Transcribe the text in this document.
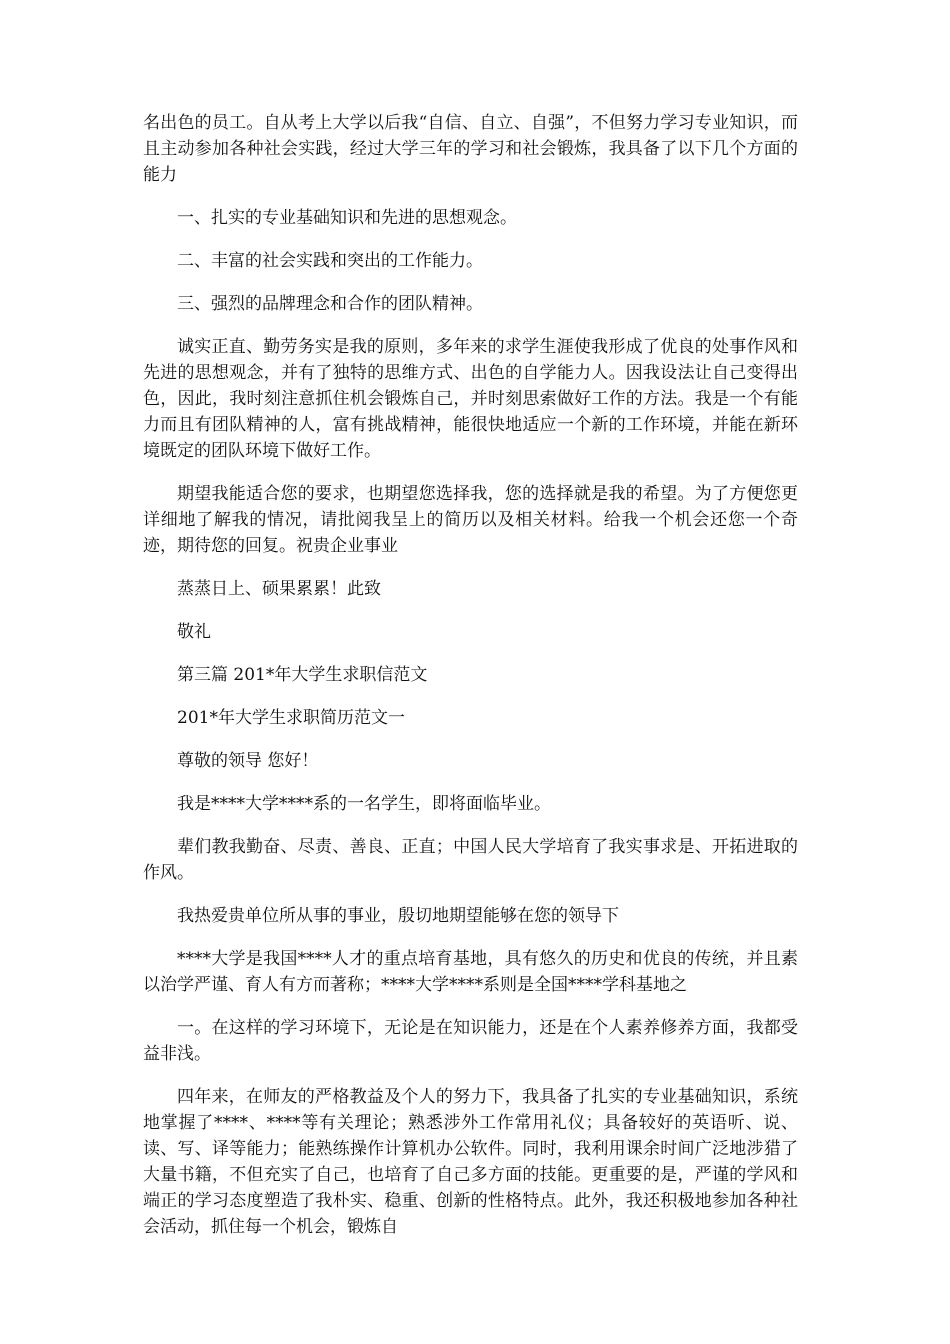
名出色的员工。自从考上大学以后我“自信、自立、自强”，不但努力学习专业知识，而且主动参加各种社会实践，经过大学三年的学习和社会锻炼，我具备了以下几个方面的能力

一、扎实的专业基础知识和先进的思想观念。

二、丰富的社会实践和突出的工作能力。

三、强烈的品牌理念和合作的团队精神。

诚实正直、勤劳务实是我的原则，多年来的求学生涯使我形成了优良的处事作风和先进的思想观念，并有了独特的思维方式、出色的自学能力人。因我设法让自己变得出色，因此，我时刻注意抓住机会锻炼自己，并时刻思索做好工作的方法。我是一个有能力而且有团队精神的人，富有挑战精神，能很快地适应一个新的工作环境，并能在新环境既定的团队环境下做好工作。

期望我能适合您的要求，也期望您选择我，您的选择就是我的希望。为了方便您更详细地了解我的情况，请批阅我呈上的简历以及相关材料。给我一个机会还您一个奇迹，期待您的回复。祝贵企业事业

蒸蒸日上、硕果累累！此致

敬礼

第三篇 201*年大学生求职信范文

201*年大学生求职简历范文一

尊敬的领导 您好！

我是****大学****系的一名学生，即将面临毕业。

辈们教我勤奋、尽责、善良、正直；中国人民大学培育了我实事求是、开拓进取的作风。

我热爱贵单位所从事的事业，殷切地期望能够在您的领导下

****大学是我国****人才的重点培育基地，具有悠久的历史和优良的传统，并且素以治学严谨、育人有方而著称；****大学****系则是全国****学科基地之

一。在这样的学习环境下，无论是在知识能力，还是在个人素养修养方面，我都受益非浅。

四年来，在师友的严格教益及个人的努力下，我具备了扎实的专业基础知识，系统地掌握了****、****等有关理论；熟悉涉外工作常用礼仪；具备较好的英语听、说、读、写、译等能力；能熟练操作计算机办公软件。同时，我利用课余时间广泛地涉猎了大量书籍，不但充实了自己，也培育了自己多方面的技能。更重要的是，严谨的学风和端正的学习态度塑造了我朴实、稳重、创新的性格特点。此外，我还积极地参加各种社会活动，抓住每一个机会，锻炼自
